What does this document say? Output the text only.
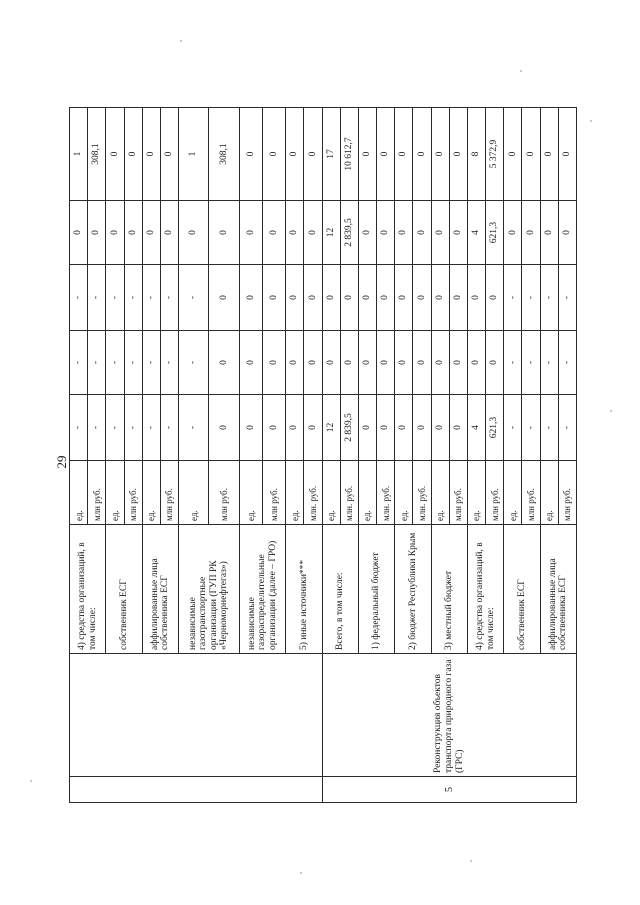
29
		4) средства организаций, в том числе:	ед.	-	-	-	0	1
			млн руб.	-	-	-	0	308,1
		собственник ЕСГ	ед.	-	-	-	0	0
			млн руб.	-	-	-	0	0
		аффилированные лица собственника ЕСГ	ед.	-	-	-	0	0
			млн руб.	-	-	-	0	0
		независимые газотранспортные организации (ГУП РК «Черноморнефтегаз»)	ед.	-	-	-	0	1
			млн руб.	0	0	0	0	308,1
		независимые газораспределительные организации (далее – ГРО)	ед.	0	0	0	0	0
			млн руб.	0	0	0	0	0
		5) иные источники***	ед.	0	0	0	0	0
			млн. руб.	0	0	0	0	0
5	Реконструкция объектов транспорта природного газа (ГРС)	Всего, в том числе:	ед.	12	0	0	12	17
			млн. руб.	2 839,5	0	0	2 839,5	10 612,7
		1) федеральный бюджет	ед.	0	0	0	0	0
			млн. руб.	0	0	0	0	0
		2) бюджет Республики Крым	ед.	0	0	0	0	0
			млн. руб.	0	0	0	0	0
		3) местный бюджет	ед.	0	0	0	0	0
			млн руб.	0	0	0	0	0
		4) средства организаций, в том числе:	ед.	4	0	0	4	8
			млн руб.	621,3	0	0	621,3	5 372,9
		собственник ЕСГ	ед.	-	-	-	0	0
			млн руб.	-	-	-	0	0
		аффилированные лица собственника ЕСГ	ед.	-	-	-	0	0
			млн руб.	-	-	-	0	0
